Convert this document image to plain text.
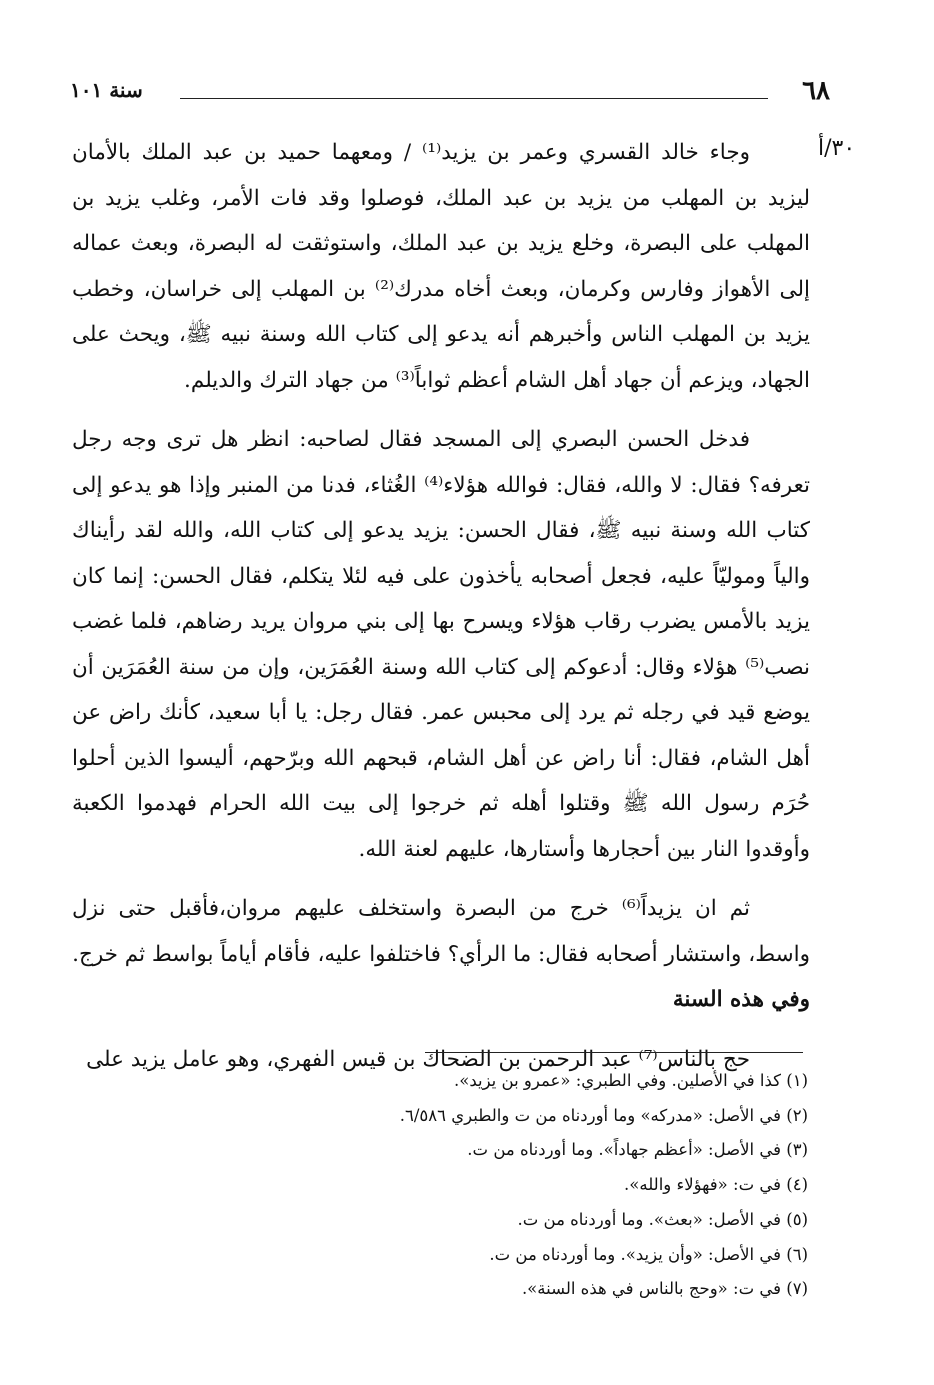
٦٨
سنة ١٠١
٣٠/أ

وجاء خالد القسري وعمر بن يزيد⁽¹⁾ / ومعهما حميد بن عبد الملك بالأمان ليزيد بن المهلب من يزيد بن عبد الملك، فوصلوا وقد فات الأمر، وغلب يزيد بن المهلب على البصرة، وخلع يزيد بن عبد الملك، واستوثقت له البصرة، وبعث عماله إلى الأهواز وفارس وكرمان، وبعث أخاه مدرك⁽²⁾ بن المهلب إلى خراسان، وخطب يزيد بن المهلب الناس وأخبرهم أنه يدعو إلى كتاب الله وسنة نبيه ﷺ، ويحث على الجهاد، ويزعم أن جهاد أهل الشام أعظم ثواباً⁽³⁾ من جهاد الترك والديلم.

فدخل الحسن البصري إلى المسجد فقال لصاحبه: انظر هل ترى وجه رجل تعرفه؟ فقال: لا والله، فقال: فوالله هؤلاء⁽⁴⁾ الغُثاء، فدنا من المنبر وإذا هو يدعو إلى كتاب الله وسنة نبيه ﷺ، فقال الحسن: يزيد يدعو إلى كتاب الله، والله لقد رأيناك والياً وموليّاً عليه، فجعل أصحابه يأخذون على فيه لئلا يتكلم، فقال الحسن: إنما كان يزيد بالأمس يضرب رقاب هؤلاء ويسرح بها إلى بني مروان يريد رضاهم، فلما غضب نصب⁽⁵⁾ هؤلاء وقال: أدعوكم إلى كتاب الله وسنة العُمَرَين، وإن من سنة العُمَرَين أن يوضع قيد في رجله ثم يرد إلى محبس عمر. فقال رجل: يا أبا سعيد، كأنك راض عن أهل الشام، فقال: أنا راض عن أهل الشام، قبحهم الله وبرّحهم، أليسوا الذين أحلوا حُرَم رسول الله ﷺ وقتلوا أهله ثم خرجوا إلى بيت الله الحرام فهدموا الكعبة وأوقدوا النار بين أحجارها وأستارها، عليهم لعنة الله.

ثم ان يزيداً⁽⁶⁾ خرج من البصرة واستخلف عليهم مروان،فأقبل حتى نزل واسط، واستشار أصحابه فقال: ما الرأي؟ فاختلفوا عليه، فأقام أياماً بواسط ثم خرج.

وفي هذه السنة

حج بالناس⁽⁷⁾ عبد الرحمن بن الضحاك بن قيس الفهري، وهو عامل يزيد على

(١) كذا في الأصلين. وفي الطبري: «عمرو بن يزيد».
(٢) في الأصل: «مدركه» وما أوردناه من ت والطبري ٦/٥٨٦.
(٣) في الأصل: «أعظم جهاداً». وما أوردناه من ت.
(٤) في ت: «فهؤلاء والله».
(٥) في الأصل: «بعث». وما أوردناه من ت.
(٦) في الأصل: «وأن يزيد». وما أوردناه من ت.
(٧) في ت: «وحج بالناس في هذه السنة».
